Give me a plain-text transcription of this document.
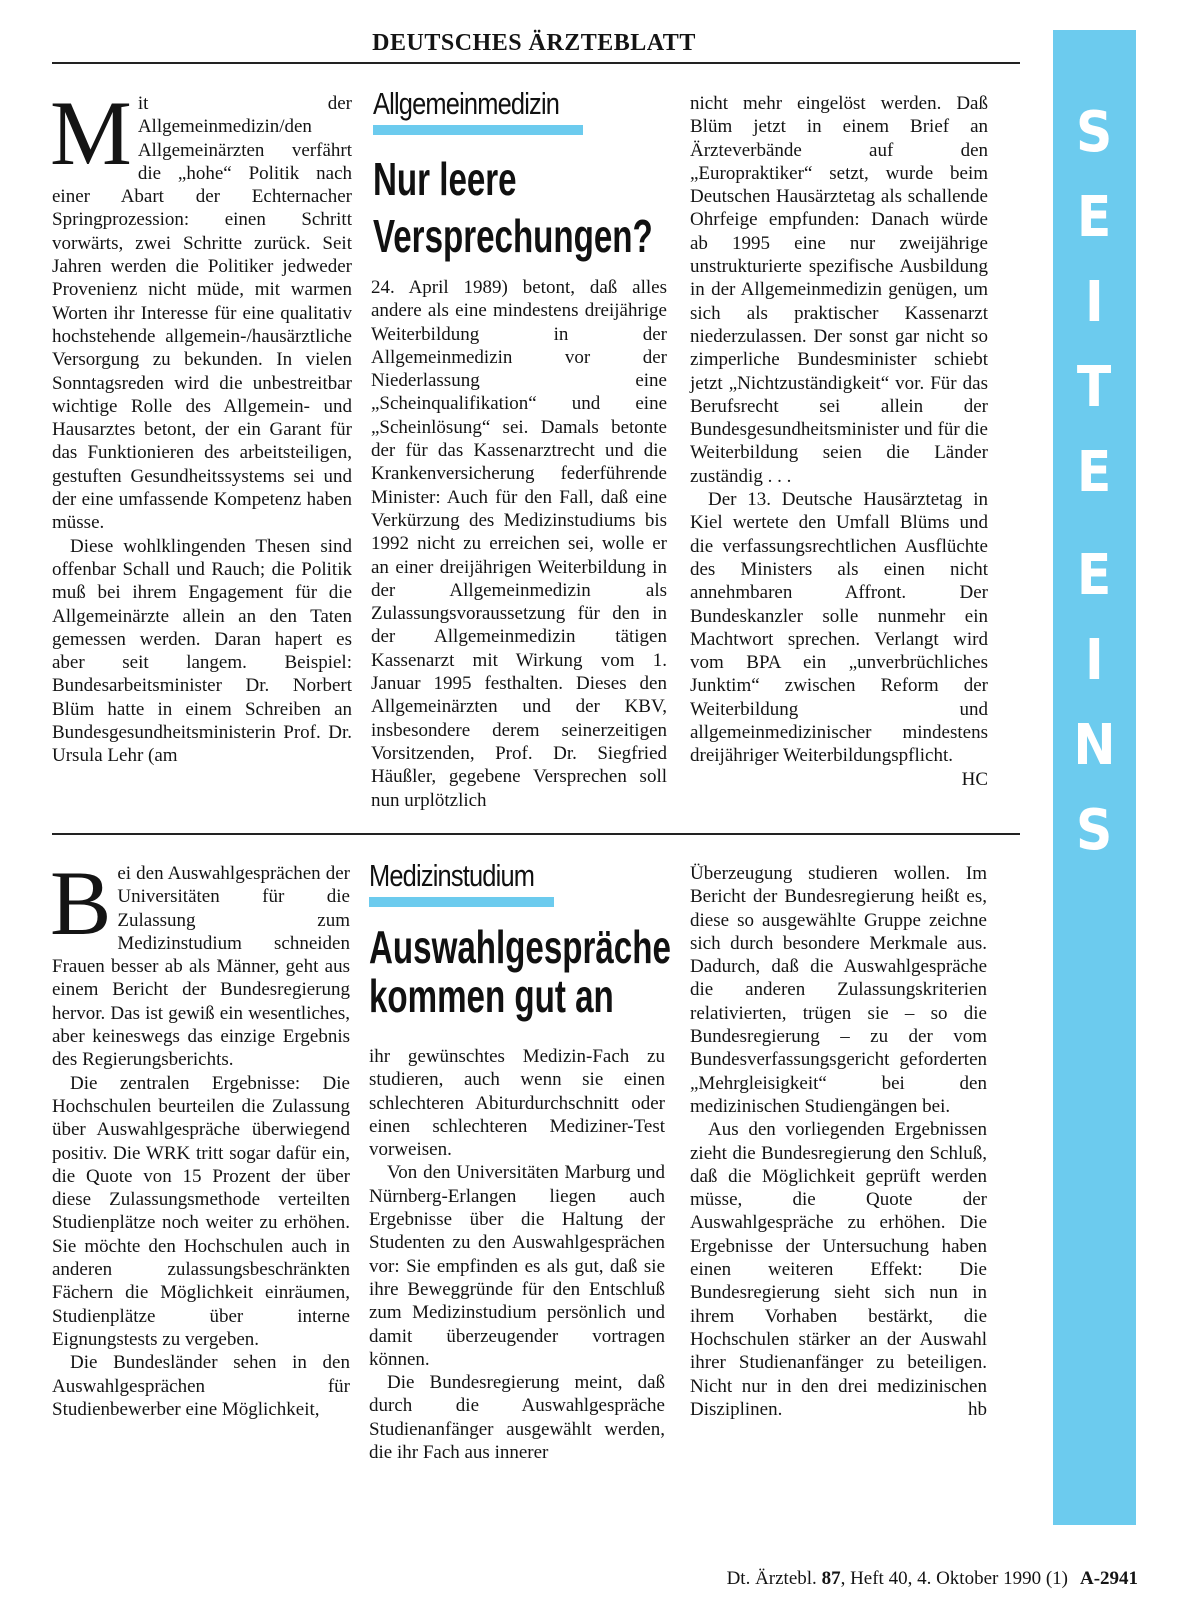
DEUTSCHES ÄRZTEBLATT
S
E
I
T
E
E
I
N
S
M it der Allgemeinmedizin/den Allgemeinärzten verfährt die „hohe“ Politik nach einer Abart der Echternacher Springprozession: einen Schritt vorwärts, zwei Schritte zurück. Seit Jahren werden die Politiker jedweder Provenienz nicht müde, mit warmen Worten ihr Interesse für eine qualitativ hochstehende allgemein-/hausärztliche Versorgung zu bekunden. In vielen Sonntagsreden wird die unbestreitbar wichtige Rolle des Allgemein- und Hausarztes betont, der ein Garant für das Funktionieren des arbeitsteiligen, gestuften Gesundheitssystems sei und der eine umfassende Kompetenz haben müsse.

Diese wohlklingenden Thesen sind offenbar Schall und Rauch; die Politik muß bei ihrem Engagement für die Allgemeinärzte allein an den Taten gemessen werden. Daran hapert es aber seit langem. Beispiel: Bundesarbeitsminister Dr. Norbert Blüm hatte in einem Schreiben an Bundesgesundheitsministerin Prof. Dr. Ursula Lehr (am

Allgemeinmedizin
Nur leere
Versprechungen?

24. April 1989) betont, daß alles andere als eine mindestens dreijährige Weiterbildung in der Allgemeinmedizin vor der Niederlassung eine „Scheinqualifikation“ und eine „Scheinlösung“ sei. Damals betonte der für das Kassenarztrecht und die Krankenversicherung federführende Minister: Auch für den Fall, daß eine Verkürzung des Medizinstudiums bis 1992 nicht zu erreichen sei, wolle er an einer dreijährigen Weiterbildung in der Allgemeinmedizin als Zulassungsvoraussetzung für den in der Allgemeinmedizin tätigen Kassenarzt mit Wirkung vom 1. Januar 1995 festhalten. Dieses den Allgemeinärzten und der KBV, insbesondere derem seinerzeitigen Vorsitzenden, Prof. Dr. Siegfried Häußler, gegebene Versprechen soll nun urplötzlich

nicht mehr eingelöst werden. Daß Blüm jetzt in einem Brief an Ärzteverbände auf den „Europraktiker“ setzt, wurde beim Deutschen Hausärztetag als schallende Ohrfeige empfunden: Danach würde ab 1995 eine nur zweijährige unstrukturierte spezifische Ausbildung in der Allgemeinmedizin genügen, um sich als praktischer Kassenarzt niederzulassen. Der sonst gar nicht so zimperliche Bundesminister schiebt jetzt „Nichtzuständigkeit“ vor. Für das Berufsrecht sei allein der Bundesgesundheitsminister und für die Weiterbildung seien die Länder zuständig . . .

Der 13. Deutsche Hausärztetag in Kiel wertete den Umfall Blüms und die verfassungsrechtlichen Ausflüchte des Ministers als einen nicht annehmbaren Affront. Der Bundeskanzler solle nunmehr ein Machtwort sprechen. Verlangt wird vom BPA ein „unverbrüchliches Junktim“ zwischen Reform der Weiterbildung und allgemeinmedizinischer mindestens dreijähriger Weiterbildungspflicht.
HC

B ei den Auswahlgesprächen der Universitäten für die Zulassung zum Medizinstudium schneiden Frauen besser ab als Männer, geht aus einem Bericht der Bundesregierung hervor. Das ist gewiß ein wesentliches, aber keineswegs das einzige Ergebnis des Regierungsberichts.

Die zentralen Ergebnisse: Die Hochschulen beurteilen die Zulassung über Auswahlgespräche überwiegend positiv. Die WRK tritt sogar dafür ein, die Quote von 15 Prozent der über diese Zulassungsmethode verteilten Studienplätze noch weiter zu erhöhen. Sie möchte den Hochschulen auch in anderen zulassungsbeschränkten Fächern die Möglichkeit einräumen, Studienplätze über interne Eignungstests zu vergeben.

Die Bundesländer sehen in den Auswahlgesprächen für Studienbewerber eine Möglichkeit,

Medizinstudium
Auswahlgespräche
kommen gut an

ihr gewünschtes Medizin-Fach zu studieren, auch wenn sie einen schlechteren Abiturdurchschnitt oder einen schlechteren Mediziner-Test vorweisen.

Von den Universitäten Marburg und Nürnberg-Erlangen liegen auch Ergebnisse über die Haltung der Studenten zu den Auswahlgesprächen vor: Sie empfinden es als gut, daß sie ihre Beweggründe für den Entschluß zum Medizinstudium persönlich und damit überzeugender vortragen können.

Die Bundesregierung meint, daß durch die Auswahlgespräche Studienanfänger ausgewählt werden, die ihr Fach aus innerer

Überzeugung studieren wollen. Im Bericht der Bundesregierung heißt es, diese so ausgewählte Gruppe zeichne sich durch besondere Merkmale aus. Dadurch, daß die Auswahlgespräche die anderen Zulassungskriterien relativierten, trügen sie – so die Bundesregierung – zu der vom Bundesverfassungsgericht geforderten „Mehrgleisigkeit“ bei den medizinischen Studiengängen bei.

Aus den vorliegenden Ergebnissen zieht die Bundesregierung den Schluß, daß die Möglichkeit geprüft werden müsse, die Quote der Auswahlgespräche zu erhöhen. Die Ergebnisse der Untersuchung haben einen weiteren Effekt: Die Bundesregierung sieht sich nun in ihrem Vorhaben bestärkt, die Hochschulen stärker an der Auswahl ihrer Studienanfänger zu beteiligen. Nicht nur in den drei medizinischen Disziplinen.	hb

Dt. Ärztebl. 87, Heft 40, 4. Oktober 1990 (1) A-2941
